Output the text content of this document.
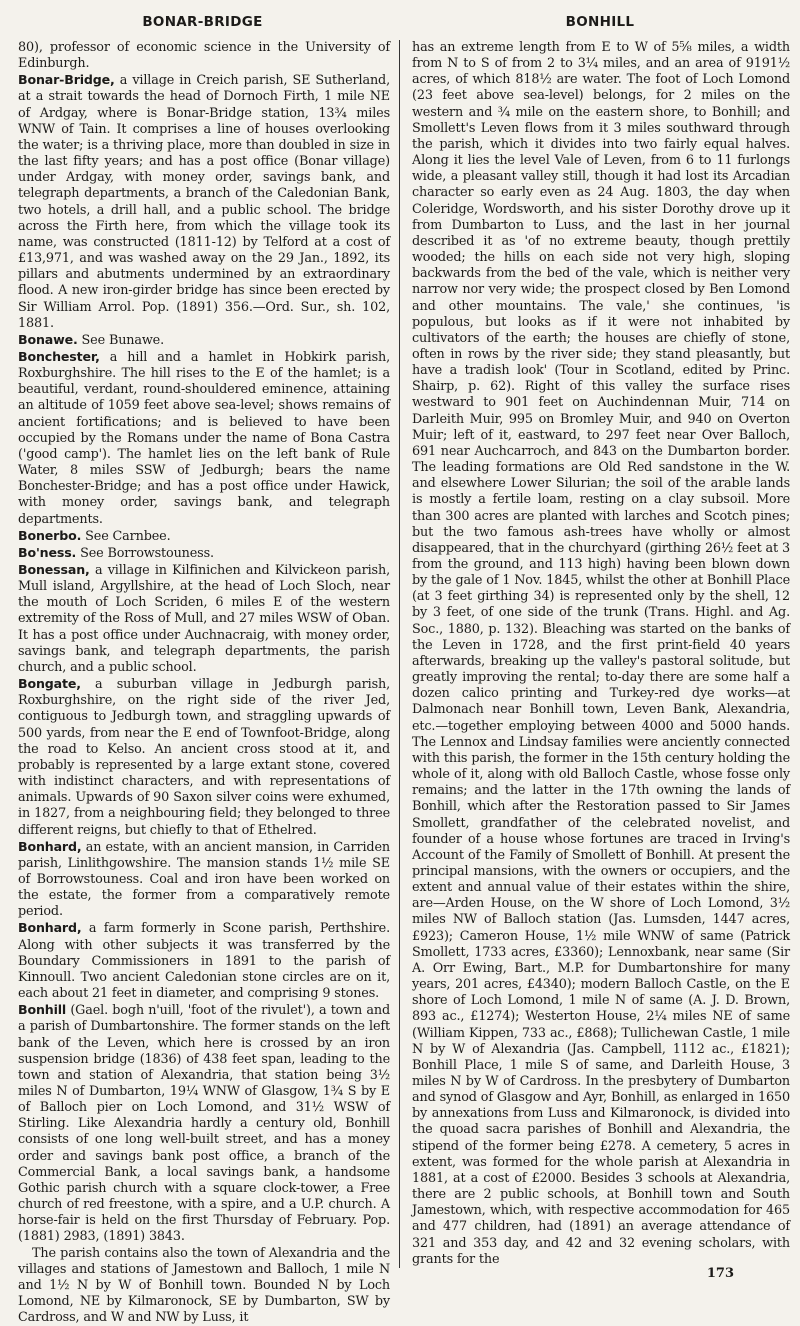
BONAR-BRIDGE	BONHILL

80), professor of economic science in the University of Edinburgh.

Bonar-Bridge, a village in Creich parish, SE Sutherland, at a strait towards the head of Dornoch Firth, 1 mile NE of Ardgay, where is Bonar-Bridge station, 13¾ miles WNW of Tain. It comprises a line of houses overlooking the water; is a thriving place, more than doubled in size in the last fifty years; and has a post office (Bonar village) under Ardgay, with money order, savings bank, and telegraph departments, a branch of the Caledonian Bank, two hotels, a drill hall, and a public school. The bridge across the Firth here, from which the village took its name, was constructed (1811-12) by Telford at a cost of £13,971, and was washed away on the 29 Jan., 1892, its pillars and abutments undermined by an extraordinary flood. A new iron-girder bridge has since been erected by Sir William Arrol. Pop. (1891) 356.—Ord. Sur., sh. 102, 1881.

Bonawe. See Bunawe.

Bonchester, a hill and a hamlet in Hobkirk parish, Roxburghshire. The hill rises to the E of the hamlet; is a beautiful, verdant, round-shouldered eminence, attaining an altitude of 1059 feet above sea-level; shows remains of ancient fortifications; and is believed to have been occupied by the Romans under the name of Bona Castra ('good camp'). The hamlet lies on the left bank of Rule Water, 8 miles SSW of Jedburgh; bears the name Bonchester-Bridge; and has a post office under Hawick, with money order, savings bank, and telegraph departments.

Bonerbo. See Carnbee.

Bo'ness. See Borrowstouness.

Bonessan, a village in Kilfinichen and Kilvickeon parish, Mull island, Argyllshire, at the head of Loch Sloch, near the mouth of Loch Scriden, 6 miles E of the western extremity of the Ross of Mull, and 27 miles WSW of Oban. It has a post office under Auchnacraig, with money order, savings bank, and telegraph departments, the parish church, and a public school.

Bongate, a suburban village in Jedburgh parish, Roxburghshire, on the right side of the river Jed, contiguous to Jedburgh town, and straggling upwards of 500 yards, from near the E end of Townfoot-Bridge, along the road to Kelso. An ancient cross stood at it, and probably is represented by a large extant stone, covered with indistinct characters, and with representations of animals. Upwards of 90 Saxon silver coins were exhumed, in 1827, from a neighbouring field; they belonged to three different reigns, but chiefly to that of Ethelred.

Bonhard, an estate, with an ancient mansion, in Carriden parish, Linlithgowshire. The mansion stands 1½ mile SE of Borrowstouness. Coal and iron have been worked on the estate, the former from a comparatively remote period.

Bonhard, a farm formerly in Scone parish, Perthshire. Along with other subjects it was transferred by the Boundary Commissioners in 1891 to the parish of Kinnoull. Two ancient Caledonian stone circles are on it, each about 21 feet in diameter, and comprising 9 stones.

Bonhill (Gael. bogh n'uill, 'foot of the rivulet'), a town and a parish of Dumbartonshire. The former stands on the left bank of the Leven, which here is crossed by an iron suspension bridge (1836) of 438 feet span, leading to the town and station of Alexandria, that station being 3½ miles N of Dumbarton, 19¼ WNW of Glasgow, 1¾ S by E of Balloch pier on Loch Lomond, and 31½ WSW of Stirling. Like Alexandria hardly a century old, Bonhill consists of one long well-built street, and has a money order and savings bank post office, a branch of the Commercial Bank, a local savings bank, a handsome Gothic parish church with a square clock-tower, a Free church of red freestone, with a spire, and a U.P. church. A horse-fair is held on the first Thursday of February. Pop. (1881) 2983, (1891) 3843.

The parish contains also the town of Alexandria and the villages and stations of Jamestown and Balloch, 1 mile N and 1½ N by W of Bonhill town. Bounded N by Loch Lomond, NE by Kilmaronock, SE by Dumbarton, SW by Cardross, and W and NW by Luss, it

has an extreme length from E to W of 5⅝ miles, a width from N to S of from 2 to 3¼ miles, and an area of 9191½ acres, of which 818½ are water. The foot of Loch Lomond (23 feet above sea-level) belongs, for 2 miles on the western and ¾ mile on the eastern shore, to Bonhill; and Smollett's Leven flows from it 3 miles southward through the parish, which it divides into two fairly equal halves. Along it lies the level Vale of Leven, from 6 to 11 furlongs wide, a pleasant valley still, though it had lost its Arcadian character so early even as 24 Aug. 1803, the day when Coleridge, Wordsworth, and his sister Dorothy drove up it from Dumbarton to Luss, and the last in her journal described it as 'of no extreme beauty, though prettily wooded; the hills on each side not very high, sloping backwards from the bed of the vale, which is neither very narrow nor very wide; the prospect closed by Ben Lomond and other mountains. The vale,' she continues, 'is populous, but looks as if it were not inhabited by cultivators of the earth; the houses are chiefly of stone, often in rows by the river side; they stand pleasantly, but have a tradish look' (Tour in Scotland, edited by Princ. Shairp, p. 62). Right of this valley the surface rises westward to 901 feet on Auchindennan Muir, 714 on Darleith Muir, 995 on Bromley Muir, and 940 on Overton Muir; left of it, eastward, to 297 feet near Over Balloch, 691 near Auchcarroch, and 843 on the Dumbarton border. The leading formations are Old Red sandstone in the W. and elsewhere Lower Silurian; the soil of the arable lands is mostly a fertile loam, resting on a clay subsoil. More than 300 acres are planted with larches and Scotch pines; but the two famous ash-trees have wholly or almost disappeared, that in the churchyard (girthing 26½ feet at 3 from the ground, and 113 high) having been blown down by the gale of 1 Nov. 1845, whilst the other at Bonhill Place (at 3 feet girthing 34) is represented only by the shell, 12 by 3 feet, of one side of the trunk (Trans. Highl. and Ag. Soc., 1880, p. 132). Bleaching was started on the banks of the Leven in 1728, and the first print-field 40 years afterwards, breaking up the valley's pastoral solitude, but greatly improving the rental; to-day there are some half a dozen calico printing and Turkey-red dye works—at Dalmonach near Bonhill town, Leven Bank, Alexandria, etc.—together employing between 4000 and 5000 hands. The Lennox and Lindsay families were anciently connected with this parish, the former in the 15th century holding the whole of it, along with old Balloch Castle, whose fosse only remains; and the latter in the 17th owning the lands of Bonhill, which after the Restoration passed to Sir James Smollett, grandfather of the celebrated novelist, and founder of a house whose fortunes are traced in Irving's Account of the Family of Smollett of Bonhill. At present the principal mansions, with the owners or occupiers, and the extent and annual value of their estates within the shire, are—Arden House, on the W shore of Loch Lomond, 3½ miles NW of Balloch station (Jas. Lumsden, 1447 acres, £923); Cameron House, 1½ mile WNW of same (Patrick Smollett, 1733 acres, £3360); Lennoxbank, near same (Sir A. Orr Ewing, Bart., M.P. for Dumbartonshire for many years, 201 acres, £4340); modern Balloch Castle, on the E shore of Loch Lomond, 1 mile N of same (A. J. D. Brown, 893 ac., £1274); Westerton House, 2¼ miles NE of same (William Kippen, 733 ac., £868); Tullichewan Castle, 1 mile N by W of Alexandria (Jas. Campbell, 1112 ac., £1821); Bonhill Place, 1 mile S of same, and Darleith House, 3 miles N by W of Cardross. In the presbytery of Dumbarton and synod of Glasgow and Ayr, Bonhill, as enlarged in 1650 by annexations from Luss and Kilmaronock, is divided into the quoad sacra parishes of Bonhill and Alexandria, the stipend of the former being £278. A cemetery, 5 acres in extent, was formed for the whole parish at Alexandria in 1881, at a cost of £2000. Besides 3 schools at Alexandria, there are 2 public schools, at Bonhill town and South Jamestown, which, with respective accommodation for 465 and 477 children, had (1891) an average attendance of 321 and 353 day, and 42 and 32 evening scholars, with grants for the

173
